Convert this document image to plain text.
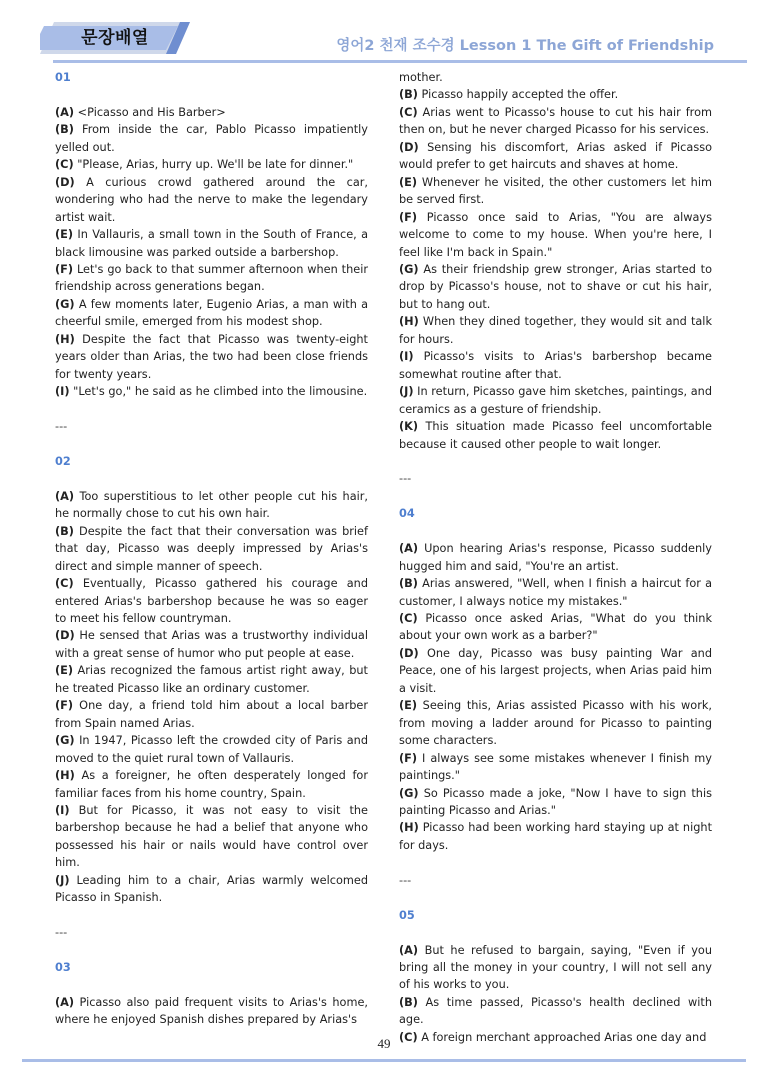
문장배열	영어2 천재 조수경 Lesson 1 The Gift of Friendship

01

(A) <Picasso and His Barber>

(B) From inside the car, Pablo Picasso impatiently yelled out.

(C) "Please, Arias, hurry up. We'll be late for dinner."

(D) A curious crowd gathered around the car, wondering who had the nerve to make the legendary artist wait.

(E) In Vallauris, a small town in the South of France, a black limousine was parked outside a barbershop.

(F) Let's go back to that summer afternoon when their friendship across generations began.

(G) A few moments later, Eugenio Arias, a man with a cheerful smile, emerged from his modest shop.

(H) Despite the fact that Picasso was twenty-eight years older than Arias, the two had been close friends for twenty years.

(I) "Let's go," he said as he climbed into the limousine.

---

02

(A) Too superstitious to let other people cut his hair, he normally chose to cut his own hair.

(B) Despite the fact that their conversation was brief that day, Picasso was deeply impressed by Arias's direct and simple manner of speech.

(C) Eventually, Picasso gathered his courage and entered Arias's barbershop because he was so eager to meet his fellow countryman.

(D) He sensed that Arias was a trustworthy individual with a great sense of humor who put people at ease.

(E) Arias recognized the famous artist right away, but he treated Picasso like an ordinary customer.

(F) One day, a friend told him about a local barber from Spain named Arias.

(G) In 1947, Picasso left the crowded city of Paris and moved to the quiet rural town of Vallauris.

(H) As a foreigner, he often desperately longed for familiar faces from his home country, Spain.

(I) But for Picasso, it was not easy to visit the barbershop because he had a belief that anyone who possessed his hair or nails would have control over him.

(J) Leading him to a chair, Arias warmly welcomed Picasso in Spanish.

---

03

(A) Picasso also paid frequent visits to Arias's home, where he enjoyed Spanish dishes prepared by Arias's

mother.

(B) Picasso happily accepted the offer.

(C) Arias went to Picasso's house to cut his hair from then on, but he never charged Picasso for his services.

(D) Sensing his discomfort, Arias asked if Picasso would prefer to get haircuts and shaves at home.

(E) Whenever he visited, the other customers let him be served first.

(F) Picasso once said to Arias, "You are always welcome to come to my house. When you're here, I feel like I'm back in Spain."

(G) As their friendship grew stronger, Arias started to drop by Picasso's house, not to shave or cut his hair, but to hang out.

(H) When they dined together, they would sit and talk for hours.

(I) Picasso's visits to Arias's barbershop became somewhat routine after that.

(J) In return, Picasso gave him sketches, paintings, and ceramics as a gesture of friendship.

(K) This situation made Picasso feel uncomfortable because it caused other people to wait longer.

---

04

(A) Upon hearing Arias's response, Picasso suddenly hugged him and said, "You're an artist.

(B) Arias answered, "Well, when I finish a haircut for a customer, I always notice my mistakes."

(C) Picasso once asked Arias, "What do you think about your own work as a barber?"

(D) One day, Picasso was busy painting War and Peace, one of his largest projects, when Arias paid him a visit.

(E) Seeing this, Arias assisted Picasso with his work, from moving a ladder around for Picasso to painting some characters.

(F) I always see some mistakes whenever I finish my paintings."

(G) So Picasso made a joke, "Now I have to sign this painting Picasso and Arias."

(H) Picasso had been working hard staying up at night for days.

---

05

(A) But he refused to bargain, saying, "Even if you bring all the money in your country, I will not sell any of his works to you.

(B) As time passed, Picasso's health declined with age.

(C) A foreign merchant approached Arias one day and

49
